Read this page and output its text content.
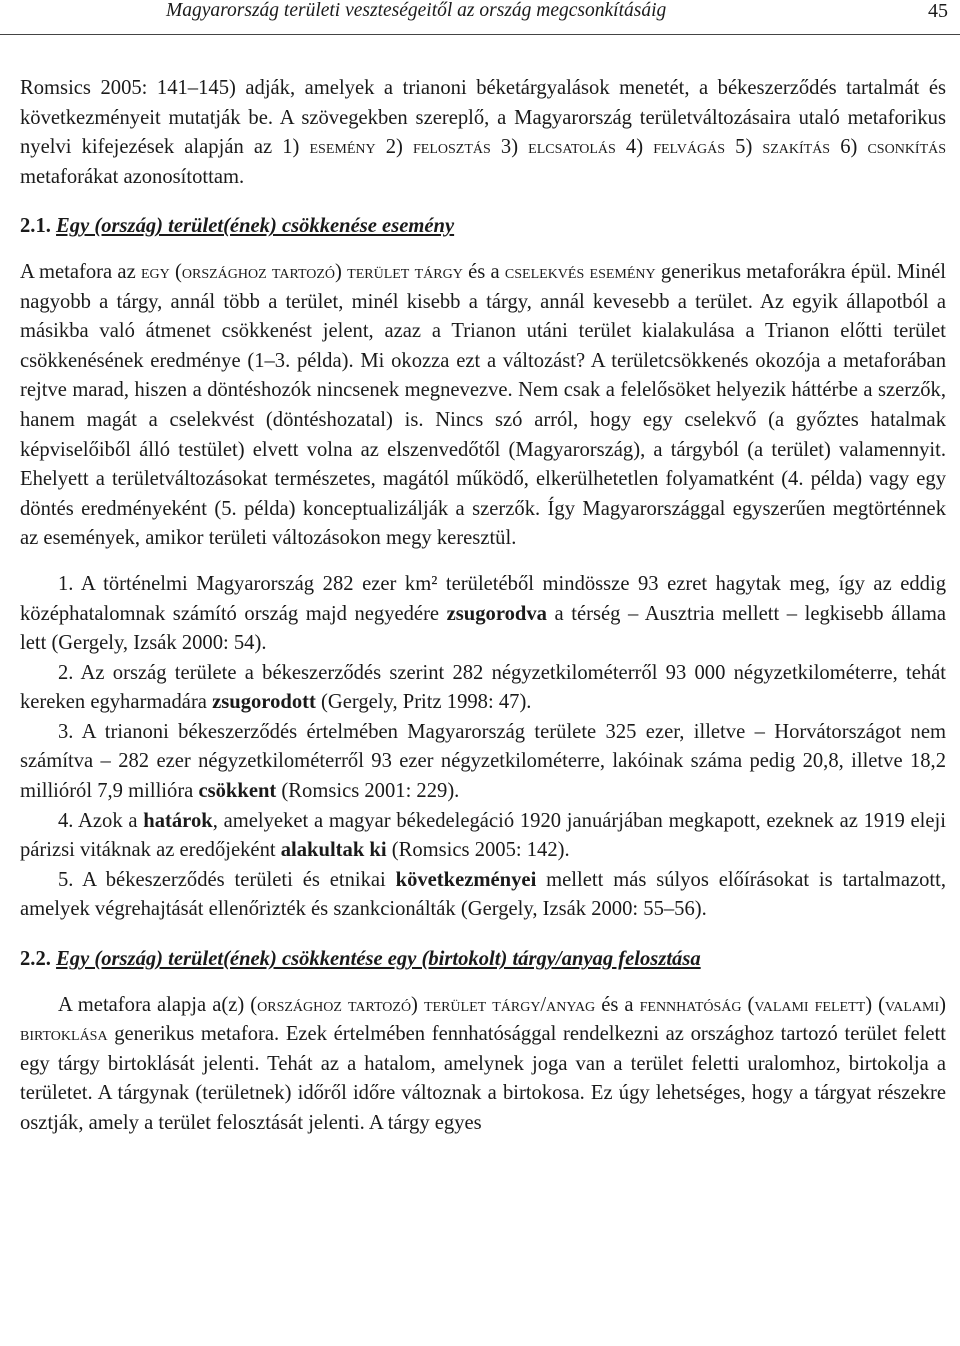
Magyarország területi veszteségeitől az ország megcsonkításáig	45

Romsics 2005: 141–145) adják, amelyek a trianoni béketárgyalások menetét, a békeszerződés tartalmát és következményeit mutatják be. A szövegekben szereplő, a Magyarország területváltozásaira utaló metaforikus nyelvi kifejezések alapján az 1) esemény 2) felosztás 3) elcsatolás 4) felvágás 5) szakítás 6) csonkítás metaforákat azonosítottam.

2.1. Egy (ország) terület(ének) csökkenése esemény

A metafora az egy (országhoz tartozó) terület tárgy és a cselekvés esemény generikus metaforákra épül. Minél nagyobb a tárgy, annál több a terület, minél kisebb a tárgy, annál kevesebb a terület. Az egyik állapotból a másikba való átmenet csökkenést jelent, azaz a Trianon utáni terület kialakulása a Trianon előtti terület csökkenésének eredménye (1–3. példa). Mi okozza ezt a változást? A területcsökkenés okozója a metaforában rejtve marad, hiszen a döntéshozók nincsenek megnevezve. Nem csak a felelősöket helyezik háttérbe a szerzők, hanem magát a cselekvést (döntéshozatal) is. Nincs szó arról, hogy egy cselekvő (a győztes hatalmak képviselőiből álló testület) elvett volna az elszenvedőtől (Magyarország), a tárgyból (a terület) valamennyit. Ehelyett a területváltozásokat természetes, magától működő, elkerülhetetlen folyamatként (4. példa) vagy egy döntés eredményeként (5. példa) konceptualizálják a szerzők. Így Magyarországgal egyszerűen megtörténnek az események, amikor területi változásokon megy keresztül.

1. A történelmi Magyarország 282 ezer km² területéből mindössze 93 ezret hagytak meg, így az eddig középhatalomnak számító ország majd negyedére zsugorodva a térség – Ausztria mellett – legkisebb állama lett (Gergely, Izsák 2000: 54).

2. Az ország területe a békeszerződés szerint 282 négyzetkilométerről 93 000 négyzetkilométerre, tehát kereken egyharmadára zsugorodott (Gergely, Pritz 1998: 47).

3. A trianoni békeszerződés értelmében Magyarország területe 325 ezer, illetve – Horvátországot nem számítva – 282 ezer négyzetkilométerről 93 ezer négyzetkilométerre, lakóinak száma pedig 20,8, illetve 18,2 millióról 7,9 millióra csökkent (Romsics 2001: 229).

4. Azok a határok, amelyeket a magyar békedelegáció 1920 januárjában megkapott, ezeknek az 1919 eleji párizsi vitáknak az eredőjeként alakultak ki (Romsics 2005: 142).

5. A békeszerződés területi és etnikai következményei mellett más súlyos előírásokat is tartalmazott, amelyek végrehajtását ellenőrizték és szankcionálták (Gergely, Izsák 2000: 55–56).

2.2. Egy (ország) terület(ének) csökkentése egy (birtokolt) tárgy/anyag felosztása

A metafora alapja a(z) (országhoz tartozó) terület tárgy/anyag és a fennhatóság (valami felett) (valami) birtoklása generikus metafora. Ezek értelmében fennhatósággal rendelkezni az országhoz tartozó terület felett egy tárgy birtoklását jelenti. Tehát az a hatalom, amelynek joga van a terület feletti uralomhoz, birtokolja a területet. A tárgynak (területnek) időről időre változnak a birtokosa. Ez úgy lehetséges, hogy a tárgyat részekre osztják, amely a terület felosztását jelenti. A tárgy egyes
